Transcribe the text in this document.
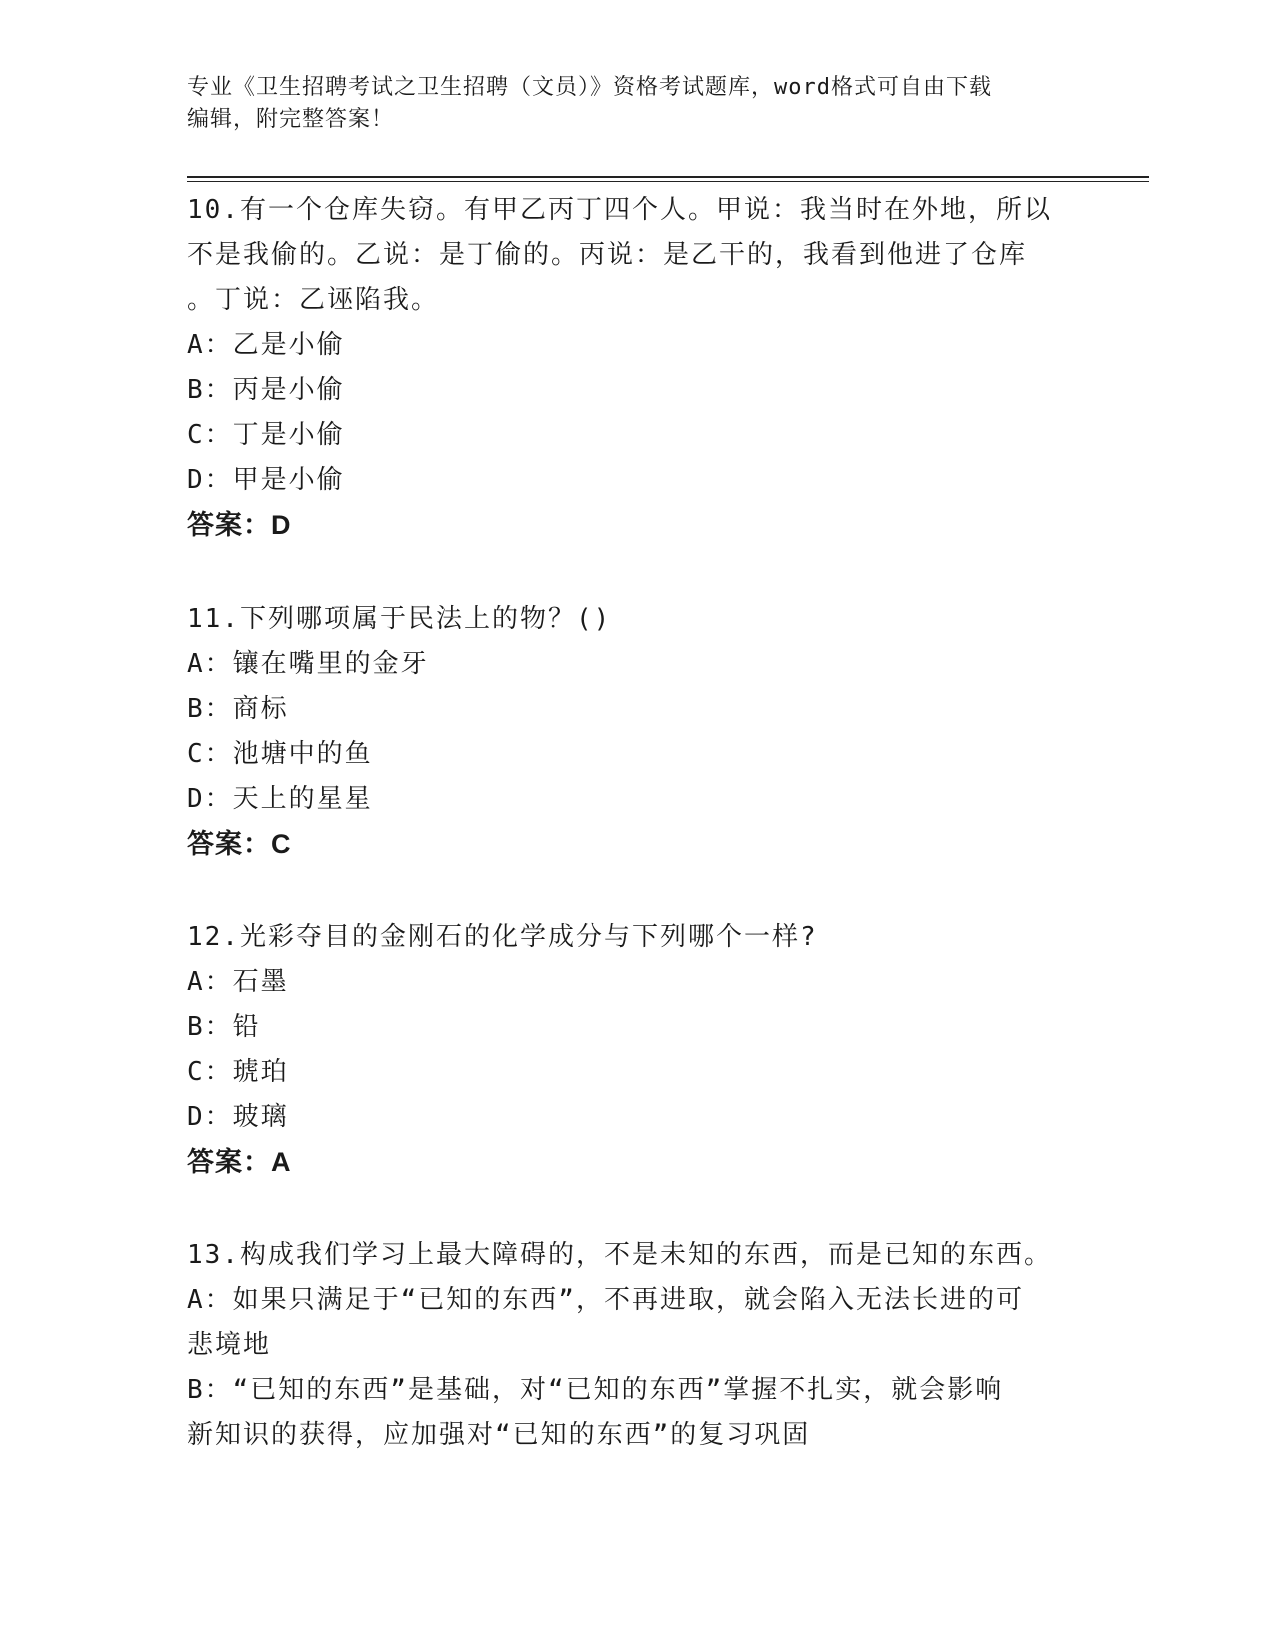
专业《卫生招聘考试之卫生招聘（文员）》资格考试题库，word格式可自由下载
编辑，附完整答案！
10.有一个仓库失窃。有甲乙丙丁四个人。甲说：我当时在外地，所以
不是我偷的。乙说：是丁偷的。丙说：是乙干的，我看到他进了仓库
。丁说：乙诬陷我。
A：乙是小偷
B：丙是小偷
C：丁是小偷
D：甲是小偷
答案：D
11.下列哪项属于民法上的物？()
A：镶在嘴里的金牙
B：商标
C：池塘中的鱼
D：天上的星星
答案：C
12.光彩夺目的金刚石的化学成分与下列哪个一样?
A：石墨
B：铅
C：琥珀
D：玻璃
答案：A
13.构成我们学习上最大障碍的，不是未知的东西，而是已知的东西。
A：如果只满足于“已知的东西”，不再进取，就会陷入无法长进的可
悲境地
B：“已知的东西”是基础，对“已知的东西”掌握不扎实，就会影响
新知识的获得，应加强对“已知的东西”的复习巩固
